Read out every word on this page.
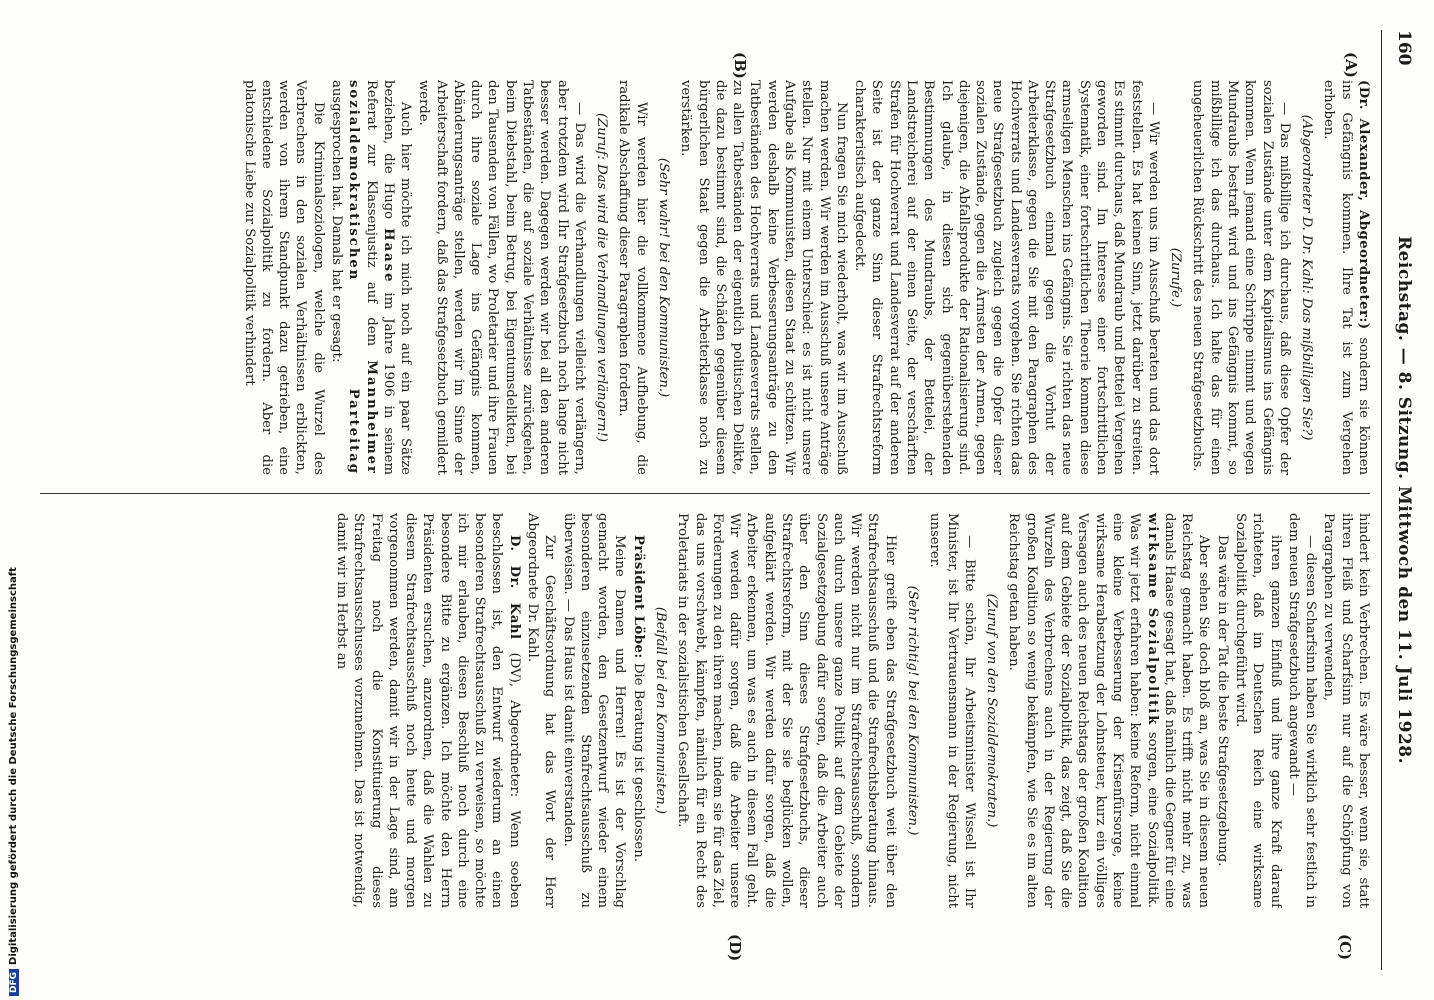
160
Reichstag. — 8. Sitzung. Mittwoch den 11. Juli 1928.
(A)
(B)
(C)
(D)

(Dr. Alexander, Abgeordneter:) sondern sie können ins Gefängnis kommen. Ihre Tat ist zum Vergehen erhoben.

(Abgeordneter D. Dr. Kahl: Das mißbilligen Sie?)

— Das mißbillige ich durchaus, daß diese Opfer der sozialen Zustände unter dem Kapitalismus ins Gefängnis kommen. Wenn jemand eine Schrippe nimmt und wegen Mundraubs bestraft wird und ins Gefängnis kommt, so mißbillige ich das durchaus. Ich halte das für einen ungeheuerlichen Rückschritt des neuen Strafgesetzbuchs.

(Zurufe.)

— Wir werden uns im Ausschuß beraten und das dort feststellen. Es hat keinen Sinn, jetzt darüber zu streiten. Es stimmt durchaus, daß Mundraub und Bettelei Vergehen geworden sind. Im Interesse einer fortschrittlichen Systematik, einer fortschrittlichen Theorie kommen diese armseligen Menschen ins Gefängnis. Sie richten das neue Strafgesetzbuch einmal gegen die Vorhut der Arbeiterklasse, gegen die Sie mit den Paragraphen des Hochverrats und Landesverrats vorgehen. Sie richten das neue Strafgesetzbuch zugleich gegen die Opfer dieser sozialen Zustände, gegen die Ärmsten der Armen, gegen diejenigen, die Abfallsprodukte der Rationalisierung sind. Ich glaube, in diesen sich gegenüberstehenden Bestimmungen des Mundraubs, der Bettelei, der Landstreicherei auf der einen Seite, der verschärften Strafen für Hochverrat und Landesverrat auf der anderen Seite ist der ganze Sinn dieser Strafrechtsreform charakteristisch aufgedeckt.

Nun fragen Sie mich wiederholt, was wir im Ausschuß machen werden. Wir werden im Ausschuß unsere Anträge stellen. Nur mit einem Unterschied: es ist nicht unsere Aufgabe als Kommunisten, diesen Staat zu schützen. Wir werden deshalb keine Verbesserungsanträge zu den Tatbeständen des Hochverrats und Landesverrats stellen, zu allen Tatbeständen der eigentlich politischen Delikte, die dazu bestimmt sind, die Schäden gegenüber diesem bürgerlichen Staat gegen die Arbeiterklasse noch zu verstärken.

(Sehr wahr! bei den Kommunisten.)

Wir werden hier die vollkommene Aufhebung, die radikale Abschaffung dieser Paragraphen fordern.

(Zuruf: Das wird die Verhandlungen verlängern!)

— Das wird die Verhandlungen vielleicht verlängern, aber trotzdem wird Ihr Strafgesetzbuch noch lange nicht besser werden. Dagegen werden wir bei all den anderen Tatbeständen, die auf soziale Verhältnisse zurückgehen, beim Diebstahl, beim Betrug, bei Eigentumsdelikten, bei den Tausenden von Fällen, wo Proletarier und ihre Frauen durch ihre soziale Lage ins Gefängnis kommen, Abänderungsanträge stellen, werden wir im Sinne der Arbeiterschaft fordern, daß das Strafgesetzbuch gemildert werde.

Auch hier möchte ich mich noch auf ein paar Sätze beziehen, die Hugo Haase im Jahre 1906 in seinem Referat zur Klassenjustiz auf dem Mannheimer sozialdemokratischen Parteitag ausgesprochen hat. Damals hat er gesagt:

Die Kriminalsoziologen, welche die Wurzel des Verbrechens in den sozialen Verhältnissen erblickten, werden von ihrem Standpunkt dazu getrieben, eine entschiedene Sozialpolitik zu fordern. Aber die platonische Liebe zur Sozialpolitik verhindert

hindert kein Verbrechen. Es wäre besser, wenn sie, statt ihren Fleiß und Scharfsinn nur auf die Schöpfung von Paragraphen zu verwenden,

— diesen Scharfsinn haben Sie wirklich sehr festlich in dem neuen Strafgesetzbuch angewandt —

ihren ganzen Einfluß und ihre ganze Kraft darauf richteten, daß im Deutschen Reich eine wirksame Sozialpolitik durchgeführt wird.

Das wäre in der Tat die beste Strafgesetzgebung.

Aber sehen Sie doch bloß an, was Sie in diesem neuen Reichstag gemacht haben. Es trifft nicht mehr zu, was damals Haase gesagt hat, daß nämlich die Gegner für eine wirksame Sozialpolitik sorgen, eine Sozialpolitik. Was wir jetzt erfahren haben: keine Reform, nicht einmal eine kleine Verbesserung der Krisenfürsorge, keine wirksame Herabsetzung der Lohnsteuer, kurz ein völliges Versagen auch des neuen Reichstags der großen Koalition auf dem Gebiete der Sozialpolitik, das zeigt, daß Sie die Wurzeln des Verbrechens auch in der Regierung der großen Koalition so wenig bekämpfen, wie Sie es im alten Reichstag getan haben.

(Zuruf von den Sozialdemokraten.)

— Bitte schön, Ihr Arbeitsminister Wissell ist Ihr Minister, ist Ihr Vertrauensmann in der Regierung, nicht unserer.

(Sehr richtig! bei den Kommunisten.)

Hier greift eben das Strafgesetzbuch weit über den Strafrechtsausschuß und die Strafrechtsberatung hinaus. Wir werden nicht nur im Strafrechtsausschuß, sondern auch durch unsere ganze Politik auf dem Gebiete der Sozialgesetzgebung dafür sorgen, daß die Arbeiter auch über den Sinn dieses Strafgesetzbuchs, dieser Strafrechtsreform, mit der Sie sie beglücken wollen, aufgeklärt werden. Wir werden dafür sorgen, daß die Arbeiter erkennen, um was es auch in diesem Fall geht. Wir werden dafür sorgen, daß die Arbeiter unsere Forderungen zu den ihren machen, indem sie für das Ziel, das uns vorschwebt, kämpfen, nämlich für ein Recht des Proletariats in der sozialistischen Gesellschaft.

(Beifall bei den Kommunisten.)

Präsident Löbe: Die Beratung ist geschlossen.

Meine Damen und Herren! Es ist der Vorschlag gemacht worden, den Gesetzentwurf wieder einem besonderen einzusetzenden Strafrechtsausschuß zu überweisen. — Das Haus ist damit einverstanden.

Zur Geschäftsordnung hat das Wort der Herr Abgeordnete Dr. Kahl.

D. Dr. Kahl (DV), Abgeordneter: Wenn soeben beschlossen ist, den Entwurf wiederum an einen besonderen Strafrechtsausschuß zu verweisen, so möchte ich mir erlauben, diesen Beschluß noch durch eine besondere Bitte zu ergänzen. Ich möchte den Herrn Präsidenten ersuchen, anzuordnen, daß die Wahlen zu diesem Strafrechtsausschuß noch heute und morgen vorgenommen werden, damit wir in der Lage sind, am Freitag noch die Konstituierung dieses Strafrechtsausschusses vorzunehmen. Das ist notwendig, damit wir im Herbst an

DFGDigitalisierung gefördert durch die Deutsche Forschungsgemeinschaft
